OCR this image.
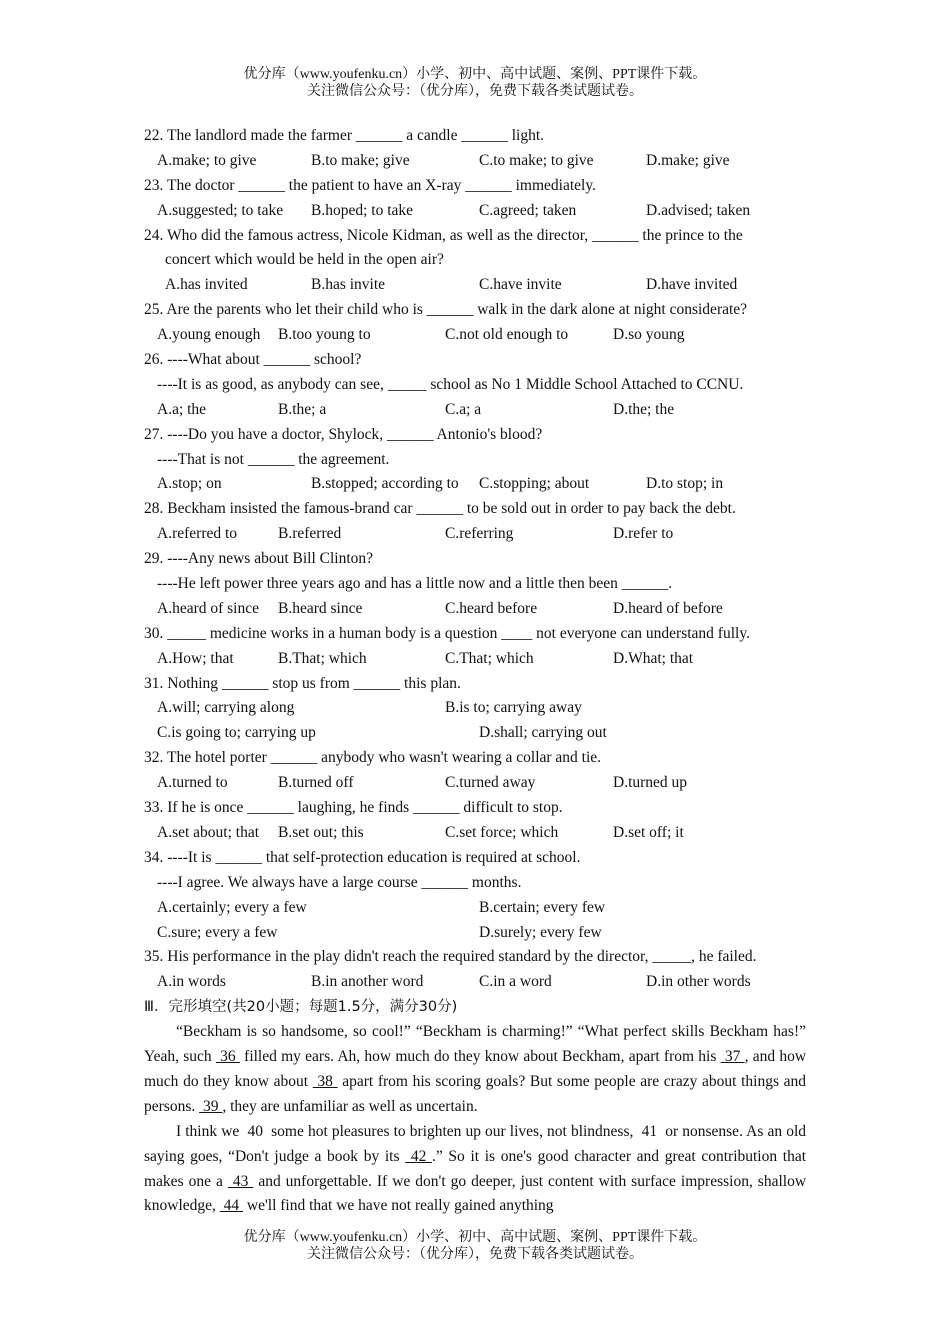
优分库（www.youfenku.cn）小学、初中、高中试题、案例、PPT课件下载。
关注微信公众号：（优分库），免费下载各类试题试卷。
22. The landlord made the farmer ______ a candle ______ light.
A.make; to give	B.to make; give	C.to make; to give	D.make; give
23. The doctor ______ the patient to have an X-ray ______ immediately.
A.suggested; to take B.hoped; to take	C.agreed; taken	D.advised; taken
24. Who did the famous actress, Nicole Kidman, as well as the director, ______ the prince to the
concert which would be held in the open air?
A.has invited	B.has invite	C.have invite	D.have invited
25. Are the parents who let their child who is ______ walk in the dark alone at night considerate?
A.young enough B.too young to	C.not old enough to	D.so young
26. ----What about ______ school?
----It is as good, as anybody can see, _____ school as No 1 Middle School Attached to CCNU.
A.a; the	B.the; a	C.a; a	D.the; the
27. ----Do you have a doctor, Shylock, ______ Antonio's blood?
----That is not ______ the agreement.
A.stop; on	B.stopped; according to C.stopping; about	D.to stop; in
28. Beckham insisted the famous-brand car ______ to be sold out in order to pay back the debt.
A.referred to	B.referred	C.referring	D.refer to
29. ----Any news about Bill Clinton?
----He left power three years ago and has a little now and a little then been ______.
A.heard of since B.heard since	C.heard before	D.heard of before
30. _____ medicine works in a human body is a question ____ not everyone can understand fully.
A.How; that	B.That; which	C.That; which	D.What; that
31. Nothing ______ stop us from ______ this plan.
A.will; carrying along	B.is to; carrying away
C.is going to; carrying up	D.shall; carrying out
32. The hotel porter ______ anybody who wasn't wearing a collar and tie.
A.turned to	B.turned off	C.turned away	D.turned up
33. If he is once ______ laughing, he finds ______ difficult to stop.
A.set about; that B.set out; this	C.set force; which	D.set off; it
34. ----It is ______ that self-protection education is required at school.
----I agree. We always have a large course ______ months.
A.certainly; every a few	B.certain; every few
C.sure; every a few	D.surely; every few
35. His performance in the play didn't reach the required standard by the director, _____, he failed.
A.in words	B.in another word	C.in a word	D.in other words
Ⅲ．完形填空(共20小题；每题1.5分，满分30分)

“Beckham is so handsome, so cool!” “Beckham is charming!” “What perfect skills Beckham has!” Yeah, such  36  filled my ears. Ah, how much do they know about Beckham, apart from his  37 , and how much do they know about  38  apart from his scoring goals? But some people are crazy about things and persons.  39 , they are unfamiliar as well as uncertain.

I think we  40  some hot pleasures to brighten up our lives, not blindness,  41  or nonsense. As an old saying goes, “Don't judge a book by its  42 .” So it is one's good character and great contribution that makes one a  43  and unforgettable. If we don't go deeper, just content with surface impression, shallow knowledge,  44  we'll find that we have not really gained anything

优分库（www.youfenku.cn）小学、初中、高中试题、案例、PPT课件下载。
关注微信公众号：（优分库），免费下载各类试题试卷。
